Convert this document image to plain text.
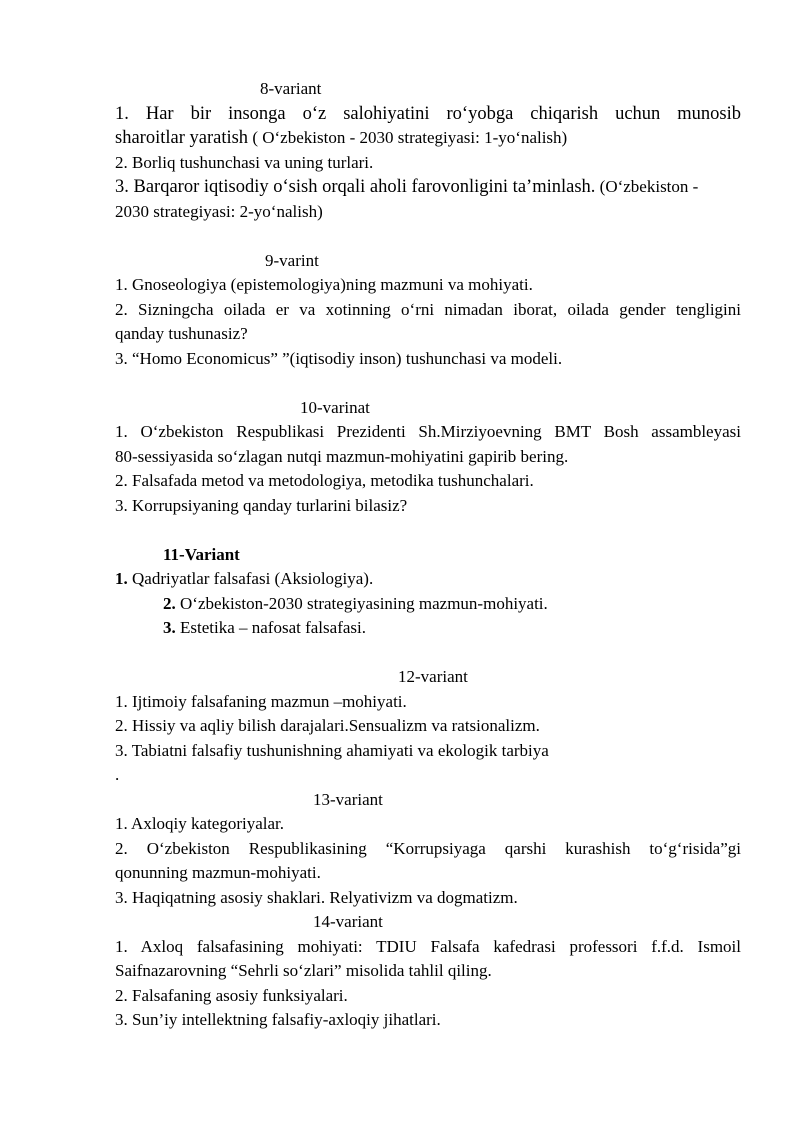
8-variant

1. Har bir insonga o‘z salohiyatini ro‘yobga chiqarish uchun munosib

sharoitlar yaratish ( O‘zbekiston - 2030 strategiyasi: 1-yo‘nalish)

2. Borliq tushunchasi va uning turlari.

3. Barqaror iqtisodiy o‘sish orqali aholi farovonligini ta’minlash. (O‘zbekiston -

2030 strategiyasi: 2-yo‘nalish)

9-varint

1. Gnoseologiya (epistemologiya)ning mazmuni va mohiyati.

2. Sizningcha oilada er va xotinning o‘rni nimadan iborat, oilada gender tengligini

qanday tushunasiz?

3. “Homo Economicus” ”(iqtisodiy inson) tushunchasi va modeli.

10-varinat

1. O‘zbekiston Respublikasi Prezidenti Sh.Mirziyoevning BMT Bosh assambleyasi

80-sessiyasida so‘zlagan nutqi mazmun-mohiyatini gapirib bering.

2. Falsafada metod va metodologiya, metodika tushunchalari.

3. Korrupsiyaning qanday turlarini bilasiz?

11-Variant

1. Qadriyatlar falsafasi (Aksiologiya).

2. O‘zbekiston-2030 strategiyasining mazmun-mohiyati.

3. Estetika – nafosat falsafasi.

12-variant

1. Ijtimoiy falsafaning mazmun –mohiyati.

2. Hissiy va aqliy bilish darajalari.Sensualizm va ratsionalizm.

3. Tabiatni falsafiy tushunishning ahamiyati va ekologik tarbiya

.

13-variant

1. Axloqiy kategoriyalar.

2. O‘zbekiston Respublikasining “Korrupsiyaga qarshi kurashish to‘g‘risida”gi

qonunning mazmun-mohiyati.

3. Haqiqatning asosiy shaklari. Relyativizm va dogmatizm.

14-variant

1. Axloq falsafasining mohiyati: TDIU Falsafa kafedrasi professori f.f.d. Ismoil

Saifnazarovning “Sehrli so‘zlari” misolida tahlil qiling.

2. Falsafaning asosiy funksiyalari.

3. Sun’iy intellektning falsafiy-axloqiy jihatlari.
